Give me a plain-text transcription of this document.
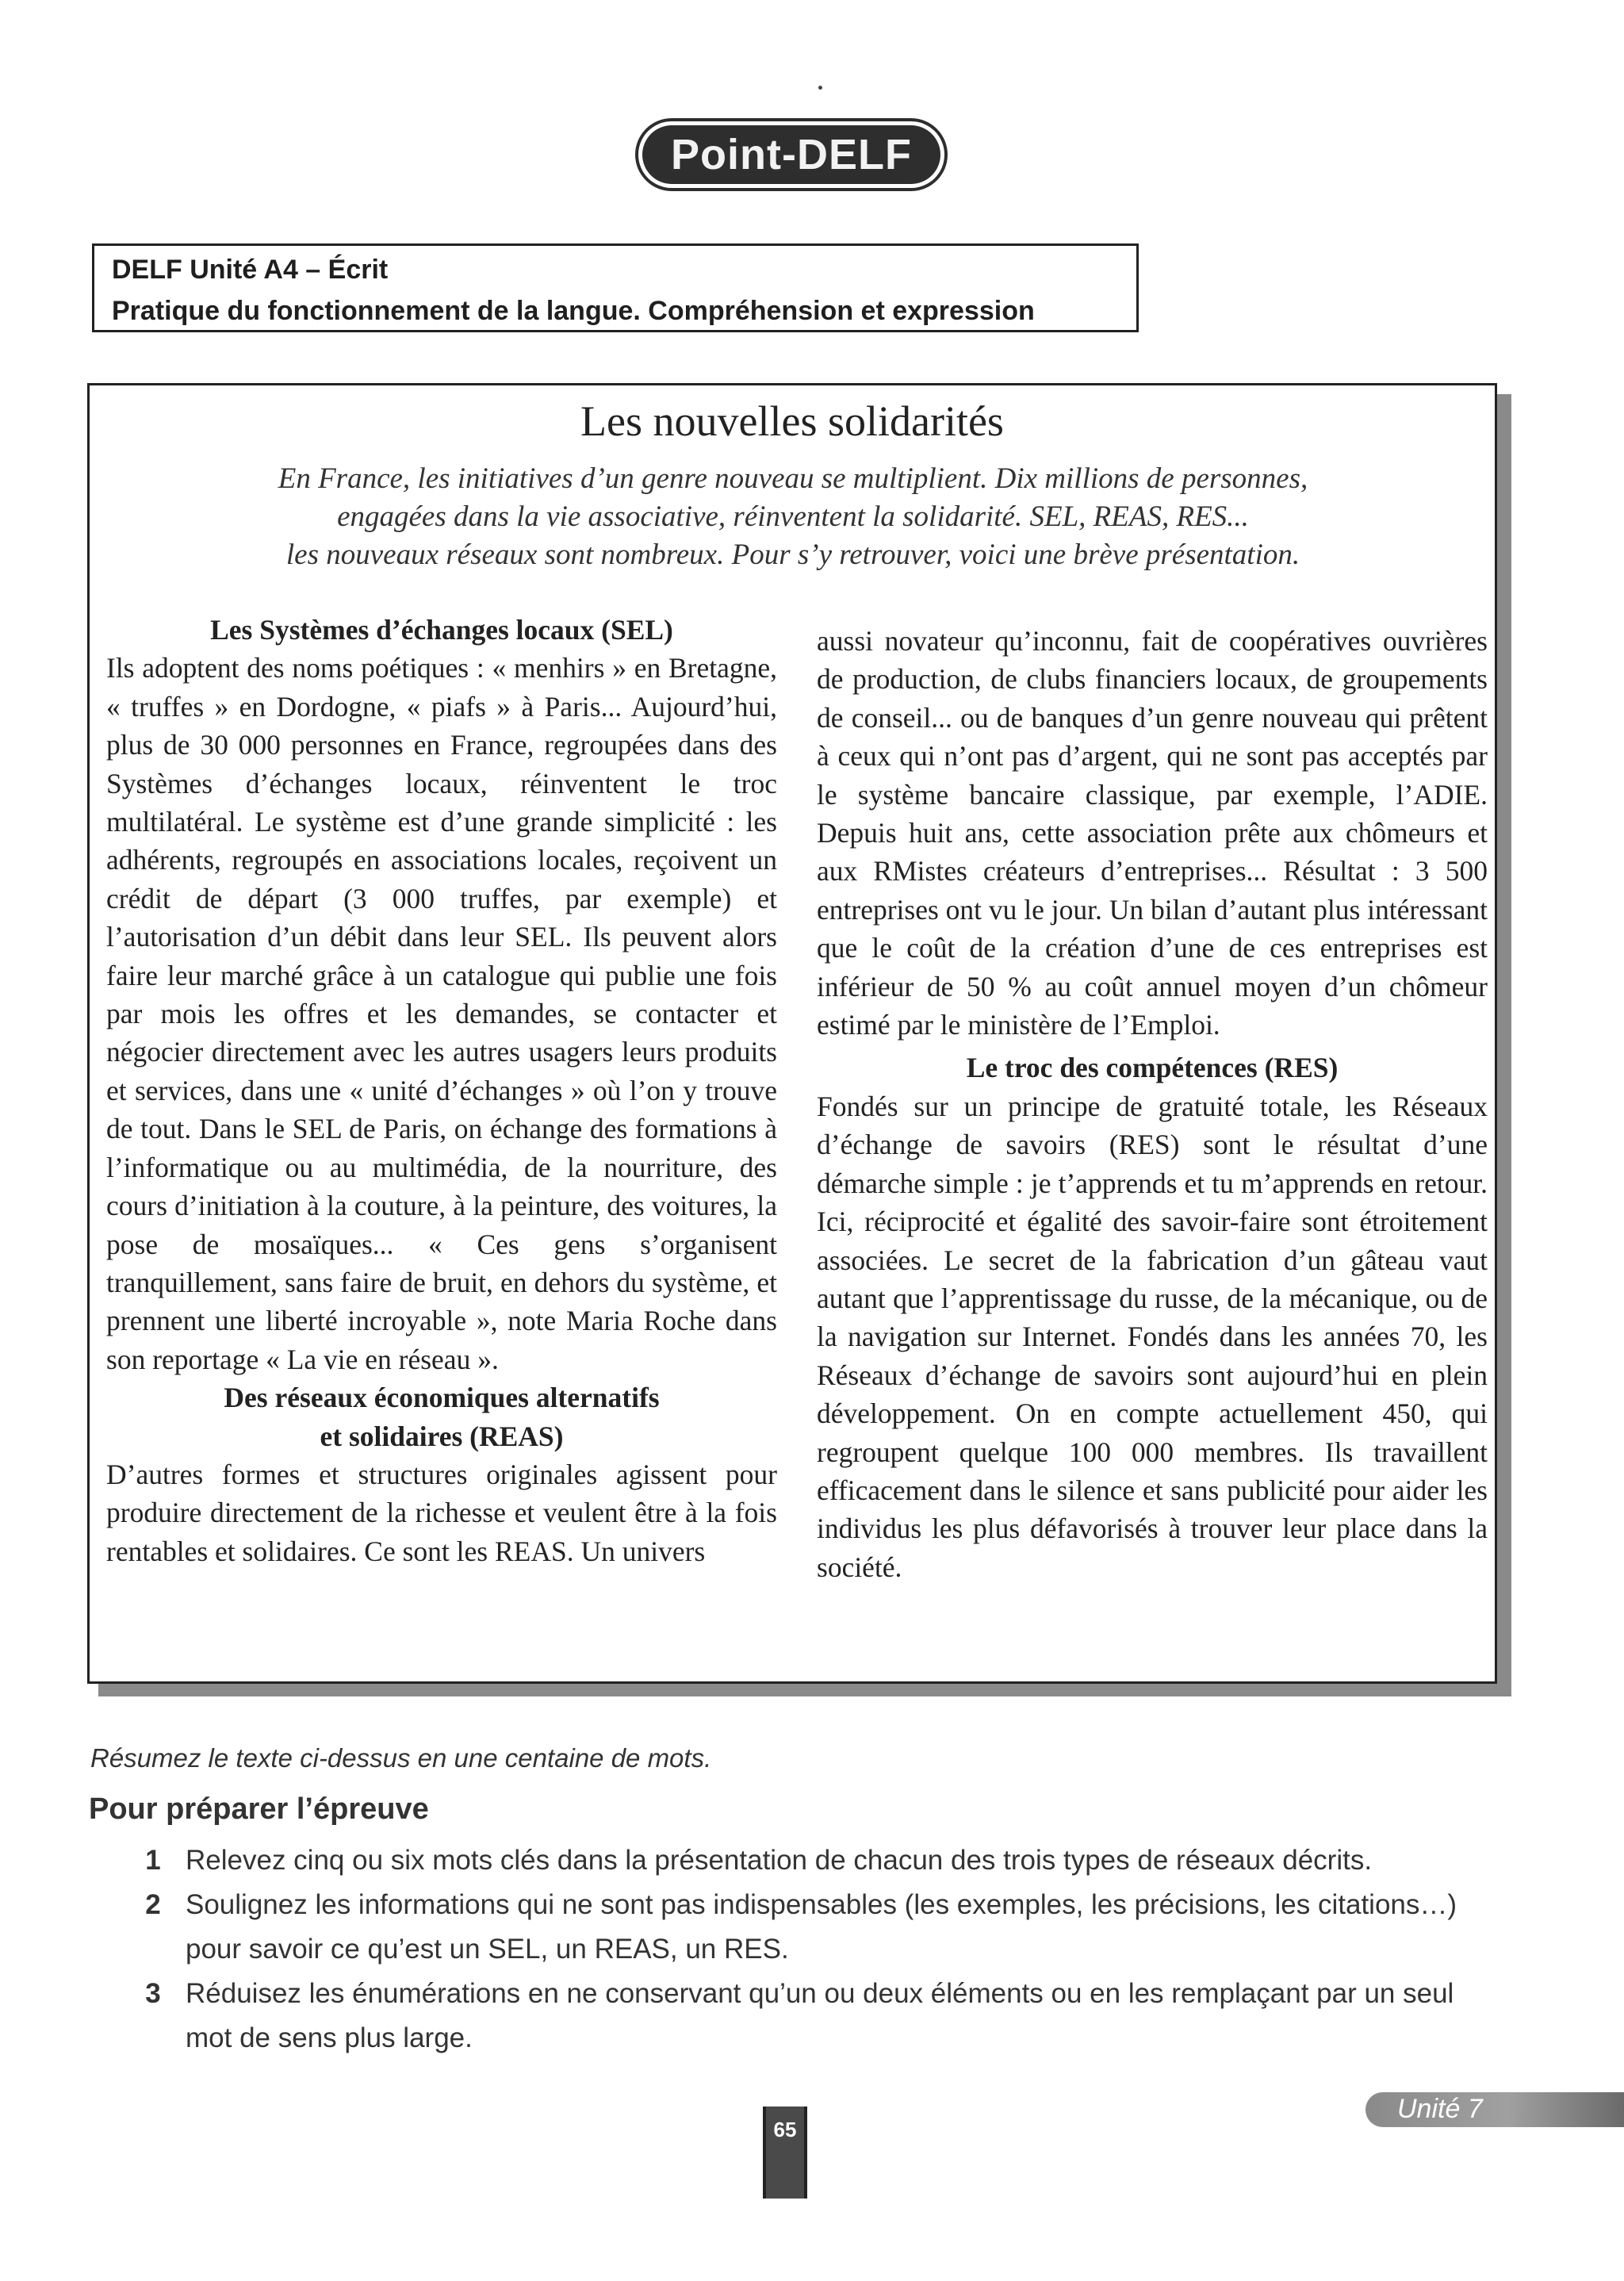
Point-DELF
DELF Unité A4 – Écrit
Pratique du fonctionnement de la langue. Compréhension et expression
Les nouvelles solidarités
En France, les initiatives d’un genre nouveau se multiplient. Dix millions de personnes,
engagées dans la vie associative, réinventent la solidarité. SEL, REAS, RES...
les nouveaux réseaux sont nombreux. Pour s’y retrouver, voici une brève présentation.

Les Systèmes d’échanges locaux (SEL)

Ils adoptent des noms poétiques : « menhirs » en Bretagne, « truffes » en Dordogne, « piafs » à Paris... Aujourd’hui, plus de 30 000 personnes en France, regroupées dans des Systèmes d’échanges locaux, réinventent le troc multilatéral. Le système est d’une grande simplicité : les adhérents, regroupés en associations locales, reçoivent un crédit de départ (3 000 truffes, par exemple) et l’autorisation d’un débit dans leur SEL. Ils peuvent alors faire leur marché grâce à un catalogue qui publie une fois par mois les offres et les demandes, se contacter et négocier directement avec les autres usagers leurs produits et services, dans une « unité d’échanges » où l’on y trouve de tout. Dans le SEL de Paris, on échange des formations à l’informatique ou au multimédia, de la nourriture, des cours d’initiation à la couture, à la peinture, des voitures, la pose de mosaïques... « Ces gens s’organisent tranquillement, sans faire de bruit, en dehors du système, et prennent une liberté incroyable », note Maria Roche dans son reportage « La vie en réseau ».

Des réseaux économiques alternatifs

et solidaires (REAS)

D’autres formes et structures originales agissent pour produire directement de la richesse et veulent être à la fois rentables et solidaires. Ce sont les REAS. Un univers

aussi novateur qu’inconnu, fait de coopératives ouvrières de production, de clubs financiers locaux, de groupements de conseil... ou de banques d’un genre nouveau qui prêtent à ceux qui n’ont pas d’argent, qui ne sont pas acceptés par le système bancaire classique, par exemple, l’ADIE. Depuis huit ans, cette association prête aux chômeurs et aux RMistes créateurs d’entreprises... Résultat : 3 500 entreprises ont vu le jour. Un bilan d’autant plus intéressant que le coût de la création d’une de ces entreprises est inférieur de 50 % au coût annuel moyen d’un chômeur estimé par le ministère de l’Emploi.

Le troc des compétences (RES)

Fondés sur un principe de gratuité totale, les Réseaux d’échange de savoirs (RES) sont le résultat d’une démarche simple : je t’apprends et tu m’apprends en retour. Ici, réciprocité et égalité des savoir-faire sont étroitement associées. Le secret de la fabrication d’un gâteau vaut autant que l’apprentissage du russe, de la mécanique, ou de la navigation sur Internet. Fondés dans les années 70, les Réseaux d’échange de savoirs sont aujourd’hui en plein développement. On en compte actuellement 450, qui regroupent quelque 100 000 membres. Ils travaillent efficacement dans le silence et sans publicité pour aider les individus les plus défavorisés à trouver leur place dans la société.

Résumez le texte ci-dessus en une centaine de mots.
Pour préparer l’épreuve
1 Relevez cinq ou six mots clés dans la présentation de chacun des trois types de réseaux décrits.
2 Soulignez les informations qui ne sont pas indispensables (les exemples, les précisions, les citations…) pour savoir ce qu’est un SEL, un REAS, un RES.
3 Réduisez les énumérations en ne conservant qu’un ou deux éléments ou en les remplaçant par un seul mot de sens plus large.
65
Unité 7
